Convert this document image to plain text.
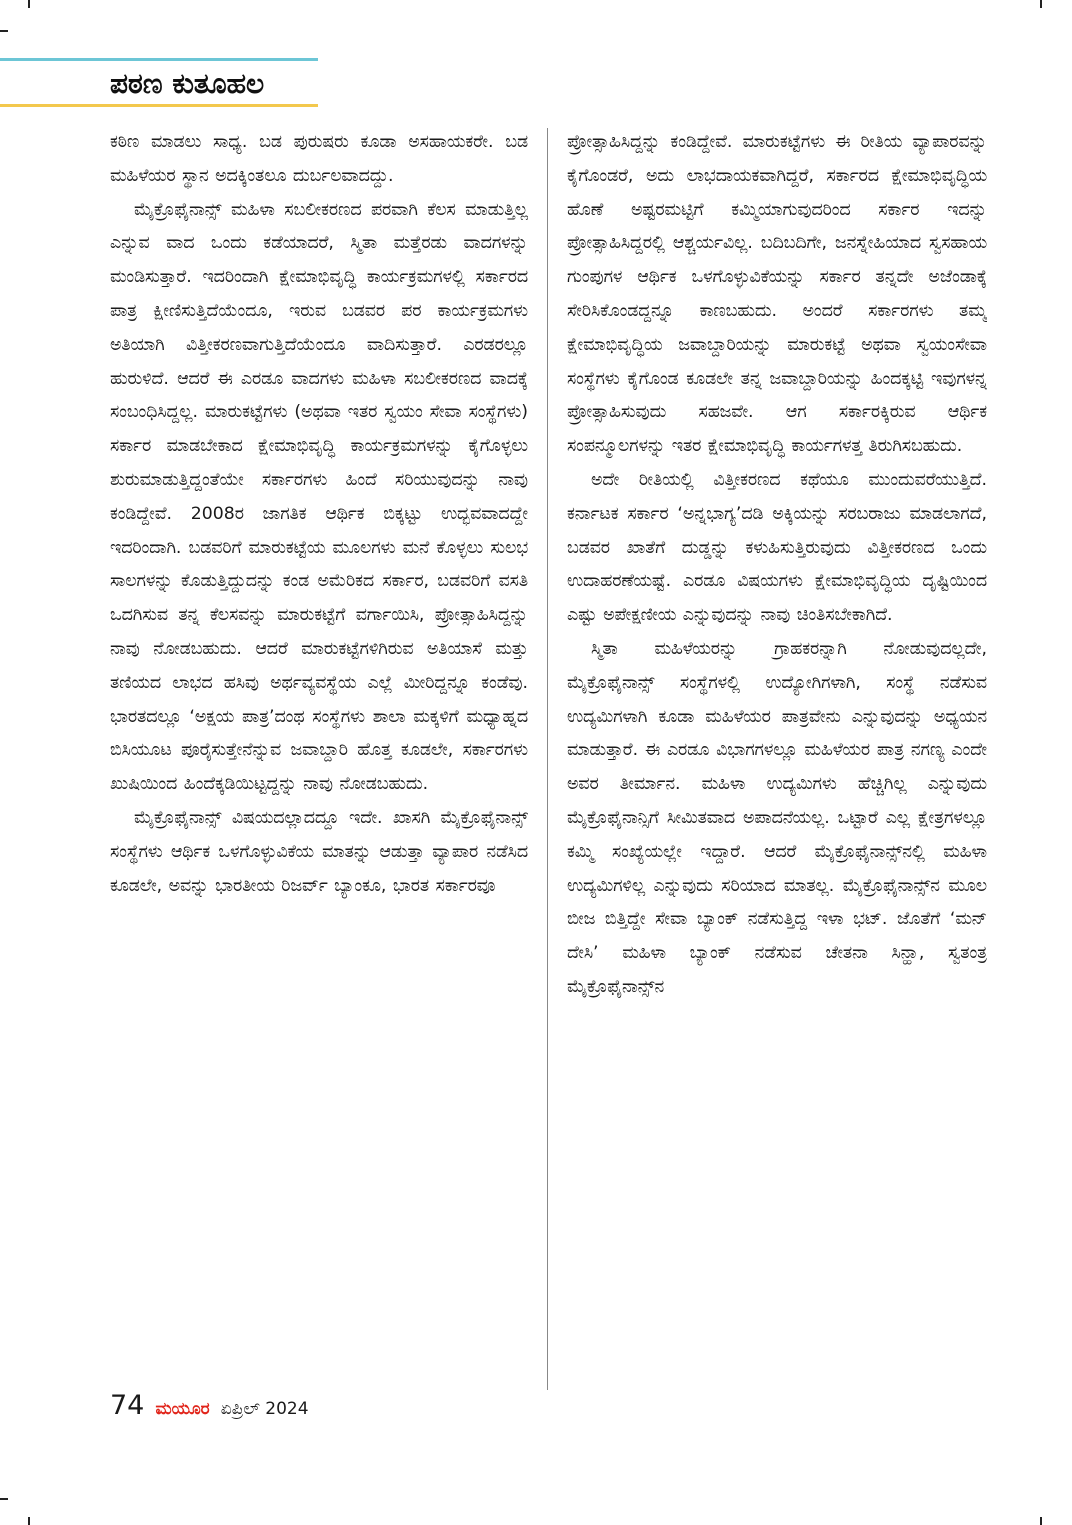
ಪಠಣ ಕುತೂಹಲ

ಕಠಿಣ ಮಾಡಲು ಸಾಧ್ಯ. ಬಡ ಪುರುಷರು ಕೂಡಾ ಅಸಹಾಯಕರೇ. ಬಡ ಮಹಿಳೆಯರ ಸ್ಥಾನ ಅದಕ್ಕಿಂತಲೂ ದುರ್ಬಲವಾದದ್ದು.

ಮೈಕ್ರೊಫೈನಾನ್ಸ್ ಮಹಿಳಾ ಸಬಲೀಕರಣದ ಪರವಾಗಿ ಕೆಲಸ ಮಾಡುತ್ತಿಲ್ಲ ಎನ್ನುವ ವಾದ ಒಂದು ಕಡೆಯಾದರೆ, ಸ್ಮಿತಾ ಮತ್ತೆರಡು ವಾದಗಳನ್ನು ಮಂಡಿಸುತ್ತಾರೆ. ಇದರಿಂದಾಗಿ ಕ್ಷೇಮಾಭಿವೃದ್ಧಿ ಕಾರ್ಯಕ್ರಮಗಳಲ್ಲಿ ಸರ್ಕಾರದ ಪಾತ್ರ ಕ್ಷೀಣಿಸುತ್ತಿದೆಯೆಂದೂ, ಇರುವ ಬಡವರ ಪರ ಕಾರ್ಯಕ್ರಮಗಳು ಅತಿಯಾಗಿ ವಿತ್ತೀಕರಣವಾಗುತ್ತಿದೆಯೆಂದೂ ವಾದಿಸುತ್ತಾರೆ. ಎರಡರಲ್ಲೂ ಹುರುಳಿದೆ. ಆದರೆ ಈ ಎರಡೂ ವಾದಗಳು ಮಹಿಳಾ ಸಬಲೀಕರಣದ ವಾದಕ್ಕೆ ಸಂಬಂಧಿಸಿದ್ದಲ್ಲ. ಮಾರುಕಟ್ಟೆಗಳು (ಅಥವಾ ಇತರ ಸ್ವಯಂ ಸೇವಾ ಸಂಸ್ಥೆಗಳು) ಸರ್ಕಾರ ಮಾಡಬೇಕಾದ ಕ್ಷೇಮಾಭಿವೃದ್ಧಿ ಕಾರ್ಯಕ್ರಮಗಳನ್ನು ಕೈಗೊಳ್ಳಲು ಶುರುಮಾಡುತ್ತಿದ್ದಂತೆಯೇ ಸರ್ಕಾರಗಳು ಹಿಂದೆ ಸರಿಯುವುದನ್ನು ನಾವು ಕಂಡಿದ್ದೇವೆ. 2008ರ ಜಾಗತಿಕ ಆರ್ಥಿಕ ಬಿಕ್ಕಟ್ಟು ಉದ್ಭವವಾದದ್ದೇ ಇದರಿಂದಾಗಿ. ಬಡವರಿಗೆ ಮಾರುಕಟ್ಟೆಯ ಮೂಲಗಳು ಮನೆ ಕೊಳ್ಳಲು ಸುಲಭ ಸಾಲಗಳನ್ನು ಕೊಡುತ್ತಿದ್ದುದನ್ನು ಕಂಡ ಅಮೆರಿಕದ ಸರ್ಕಾರ, ಬಡವರಿಗೆ ವಸತಿ ಒದಗಿಸುವ ತನ್ನ ಕೆಲಸವನ್ನು ಮಾರುಕಟ್ಟೆಗೆ ವರ್ಗಾಯಿಸಿ, ಪ್ರೋತ್ಸಾಹಿಸಿದ್ದನ್ನು ನಾವು ನೋಡಬಹುದು. ಆದರೆ ಮಾರುಕಟ್ಟೆಗಳಿಗಿರುವ ಅತಿಯಾಸೆ ಮತ್ತು ತಣಿಯದ ಲಾಭದ ಹಸಿವು ಅರ್ಥವ್ಯವಸ್ಥೆಯ ಎಲ್ಲೆ ಮೀರಿದ್ದನ್ನೂ ಕಂಡೆವು. ಭಾರತದಲ್ಲೂ ‘ಅಕ್ಷಯ ಪಾತ್ರ’ದಂಥ ಸಂಸ್ಥೆಗಳು ಶಾಲಾ ಮಕ್ಕಳಿಗೆ ಮಧ್ಯಾಹ್ನದ ಬಿಸಿಯೂಟ ಪೂರೈಸುತ್ತೇನೆನ್ನುವ ಜವಾಬ್ದಾರಿ ಹೊತ್ತ ಕೂಡಲೇ, ಸರ್ಕಾರಗಳು ಖುಷಿಯಿಂದ ಹಿಂದೆಕ್ಕಡಿಯಿಟ್ಟದ್ದನ್ನು ನಾವು ನೋಡಬಹುದು.

ಮೈಕ್ರೊಫೈನಾನ್ಸ್ ವಿಷಯದಲ್ಲಾದದ್ದೂ ಇದೇ. ಖಾಸಗಿ ಮೈಕ್ರೊಫೈನಾನ್ಸ್ ಸಂಸ್ಥೆಗಳು ಆರ್ಥಿಕ ಒಳಗೊಳ್ಳುವಿಕೆಯ ಮಾತನ್ನು ಆಡುತ್ತಾ ವ್ಯಾಪಾರ ನಡೆಸಿದ ಕೂಡಲೇ, ಅವನ್ನು ಭಾರತೀಯ ರಿಜರ್ವ್ ಬ್ಯಾಂಕೂ, ಭಾರತ ಸರ್ಕಾರವೂ

ಪ್ರೋತ್ಸಾಹಿಸಿದ್ದನ್ನು ಕಂಡಿದ್ದೇವೆ. ಮಾರುಕಟ್ಟೆಗಳು ಈ ರೀತಿಯ ವ್ಯಾಪಾರವನ್ನು ಕೈಗೊಂಡರೆ, ಅದು ಲಾಭದಾಯಕವಾಗಿದ್ದರೆ, ಸರ್ಕಾರದ ಕ್ಷೇಮಾಭಿವೃದ್ಧಿಯ ಹೊಣೆ ಅಷ್ಟರಮಟ್ಟಿಗೆ ಕಮ್ಮಿಯಾಗುವುದರಿಂದ ಸರ್ಕಾರ ಇದನ್ನು ಪ್ರೋತ್ಸಾಹಿಸಿದ್ದರಲ್ಲಿ ಆಶ್ಚರ್ಯವಿಲ್ಲ. ಬದಿಬದಿಗೇ, ಜನಸ್ನೇಹಿಯಾದ ಸ್ವಸಹಾಯ ಗುಂಪುಗಳ ಆರ್ಥಿಕ ಒಳಗೊಳ್ಳುವಿಕೆಯನ್ನು ಸರ್ಕಾರ ತನ್ನದೇ ಅಜೆಂಡಾಕ್ಕೆ ಸೇರಿಸಿಕೊಂಡದ್ದನ್ನೂ ಕಾಣಬಹುದು. ಅಂದರೆ ಸರ್ಕಾರಗಳು ತಮ್ಮ ಕ್ಷೇಮಾಭಿವೃದ್ಧಿಯ ಜವಾಬ್ದಾರಿಯನ್ನು ಮಾರುಕಟ್ಟೆ ಅಥವಾ ಸ್ವಯಂಸೇವಾ ಸಂಸ್ಥೆಗಳು ಕೈಗೊಂಡ ಕೂಡಲೇ ತನ್ನ ಜವಾಬ್ದಾರಿಯನ್ನು ಹಿಂದಕ್ಕಟ್ಟಿ ಇವುಗಳನ್ನ ಪ್ರೋತ್ಸಾಹಿಸುವುದು ಸಹಜವೇ. ಆಗ ಸರ್ಕಾರಕ್ಕಿರುವ ಆರ್ಥಿಕ ಸಂಪನ್ಮೂಲಗಳನ್ನು ಇತರ ಕ್ಷೇಮಾಭಿವೃದ್ಧಿ ಕಾರ್ಯಗಳತ್ತ ತಿರುಗಿಸಬಹುದು.

ಅದೇ ರೀತಿಯಲ್ಲಿ ವಿತ್ತೀಕರಣದ ಕಥೆಯೂ ಮುಂದುವರೆಯುತ್ತಿದೆ. ಕರ್ನಾಟಕ ಸರ್ಕಾರ ‘ಅನ್ನಭಾಗ್ಯ’ದಡಿ ಅಕ್ಕಿಯನ್ನು ಸರಬರಾಜು ಮಾಡಲಾಗದೆ, ಬಡವರ ಖಾತೆಗೆ ದುಡ್ಡನ್ನು ಕಳುಹಿಸುತ್ತಿರುವುದು ವಿತ್ತೀಕರಣದ ಒಂದು ಉದಾಹರಣೆಯಷ್ಟೆ. ಎರಡೂ ವಿಷಯಗಳು ಕ್ಷೇಮಾಭಿವೃದ್ಧಿಯ ದೃಷ್ಟಿಯಿಂದ ಎಷ್ಟು ಅಪೇಕ್ಷಣೀಯ ಎನ್ನುವುದನ್ನು ನಾವು ಚಿಂತಿಸಬೇಕಾಗಿದೆ.

ಸ್ಮಿತಾ ಮಹಿಳೆಯರನ್ನು ಗ್ರಾಹಕರನ್ನಾಗಿ ನೋಡುವುದಲ್ಲದೇ, ಮೈಕ್ರೊಫೈನಾನ್ಸ್ ಸಂಸ್ಥೆಗಳಲ್ಲಿ ಉದ್ಯೋಗಿಗಳಾಗಿ, ಸಂಸ್ಥೆ ನಡೆಸುವ ಉದ್ಯಮಿಗಳಾಗಿ ಕೂಡಾ ಮಹಿಳೆಯರ ಪಾತ್ರವೇನು ಎನ್ನುವುದನ್ನು ಅಧ್ಯಯನ ಮಾಡುತ್ತಾರೆ. ಈ ಎರಡೂ ವಿಭಾಗಗಳಲ್ಲೂ ಮಹಿಳೆಯರ ಪಾತ್ರ ನಗಣ್ಯ ಎಂದೇ ಅವರ ತೀರ್ಮಾನ. ಮಹಿಳಾ ಉದ್ಯಮಿಗಳು ಹೆಚ್ಚಿಗಿಲ್ಲ ಎನ್ನುವುದು ಮೈಕ್ರೊಫೈನಾನ್ಸಿಗೆ ಸೀಮಿತವಾದ ಅಪಾದನೆಯಲ್ಲ. ಒಟ್ಟಾರೆ ಎಲ್ಲ ಕ್ಷೇತ್ರಗಳಲ್ಲೂ ಕಮ್ಮಿ ಸಂಖ್ಯೆಯಲ್ಲೇ ಇದ್ದಾರೆ. ಆದರೆ ಮೈಕ್ರೊಫೈನಾನ್ಸ್‌ನಲ್ಲಿ ಮಹಿಳಾ ಉದ್ಯಮಿಗಳಿಲ್ಲ ಎನ್ನುವುದು ಸರಿಯಾದ ಮಾತಲ್ಲ. ಮೈಕ್ರೊಫೈನಾನ್ಸ್‌ನ ಮೂಲ ಬೀಜ ಬಿತ್ತಿದ್ದೇ ಸೇವಾ ಬ್ಯಾಂಕ್ ನಡೆಸುತ್ತಿದ್ದ ಇಳಾ ಭಟ್. ಜೊತೆಗೆ ‘ಮನ್ ದೇಸಿ’ ಮಹಿಳಾ ಬ್ಯಾಂಕ್ ನಡೆಸುವ ಚೇತನಾ ಸಿನ್ಹಾ, ಸ್ವತಂತ್ರ ಮೈಕ್ರೊಫೈನಾನ್ಸ್‌ನ

74 ಮಯೂರ ಏಪ್ರಿಲ್ 2024
